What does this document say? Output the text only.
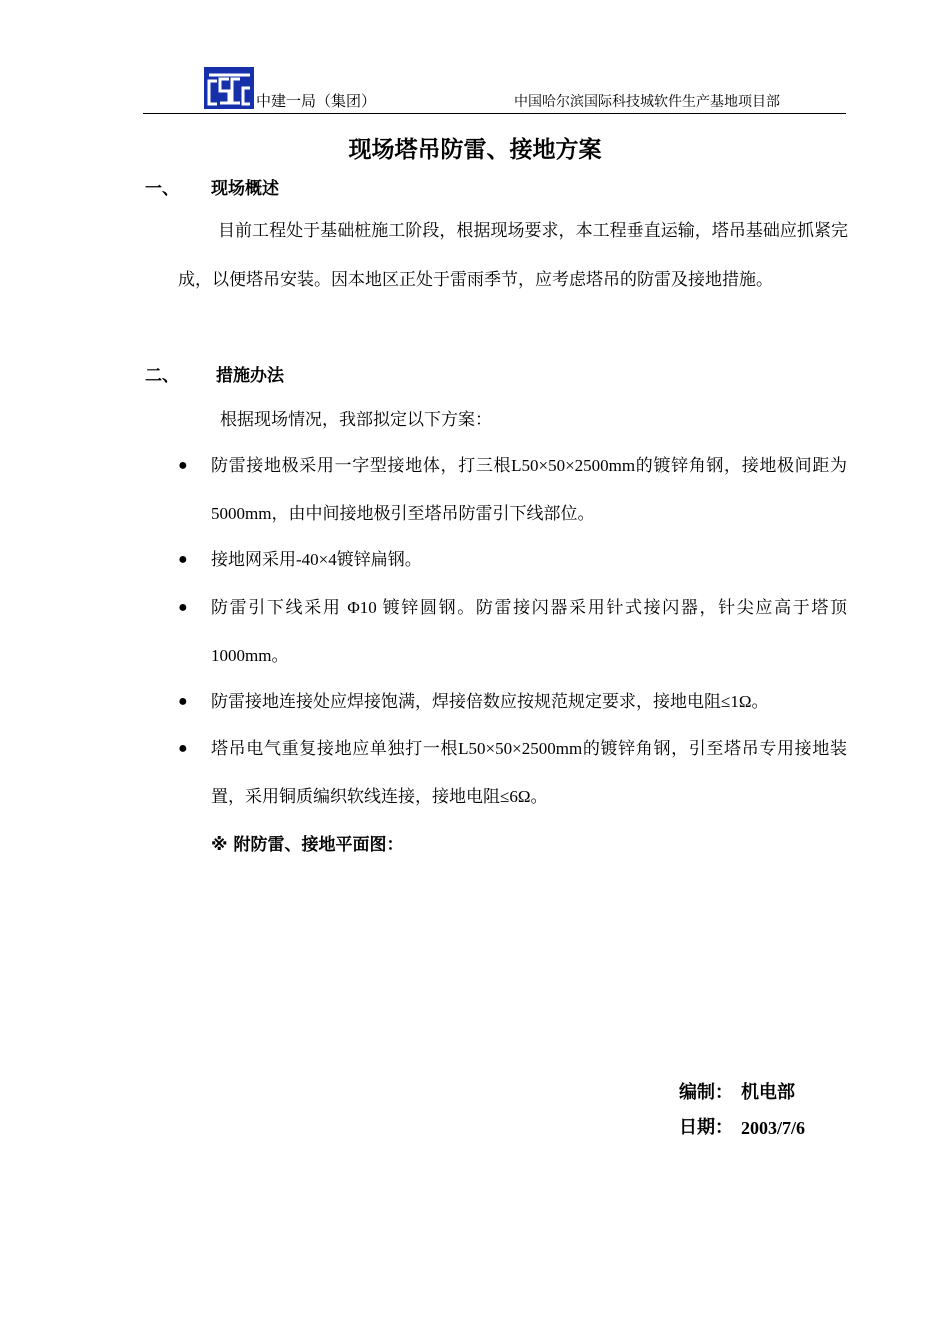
中建一局（集团）	中国哈尔滨国际科技城软件生产基地项目部
现场塔吊防雷、接地方案
一、 现场概述
目前工程处于基础桩施工阶段，根据现场要求，本工程垂直运输，塔吊基础应抓紧完成，以便塔吊安装。因本地区正处于雷雨季节，应考虑塔吊的防雷及接地措施。
二、 措施办法
根据现场情况，我部拟定以下方案：
●	防雷接地极采用一字型接地体，打三根L50×50×2500mm的镀锌角钢，接地极间距为5000mm，由中间接地极引至塔吊防雷引下线部位。
●	接地网采用-40×4镀锌扁钢。
●	防雷引下线采用 Φ10 镀锌圆钢。防雷接闪器采用针式接闪器，针尖应高于塔顶1000mm。
●	防雷接地连接处应焊接饱满，焊接倍数应按规范规定要求，接地电阻≤1Ω。
●	塔吊电气重复接地应单独打一根L50×50×2500mm的镀锌角钢，引至塔吊专用接地装置，采用铜质编织软线连接，接地电阻≤6Ω。
※ 附防雷、接地平面图：
编制： 机电部
日期： 2003/7/6
